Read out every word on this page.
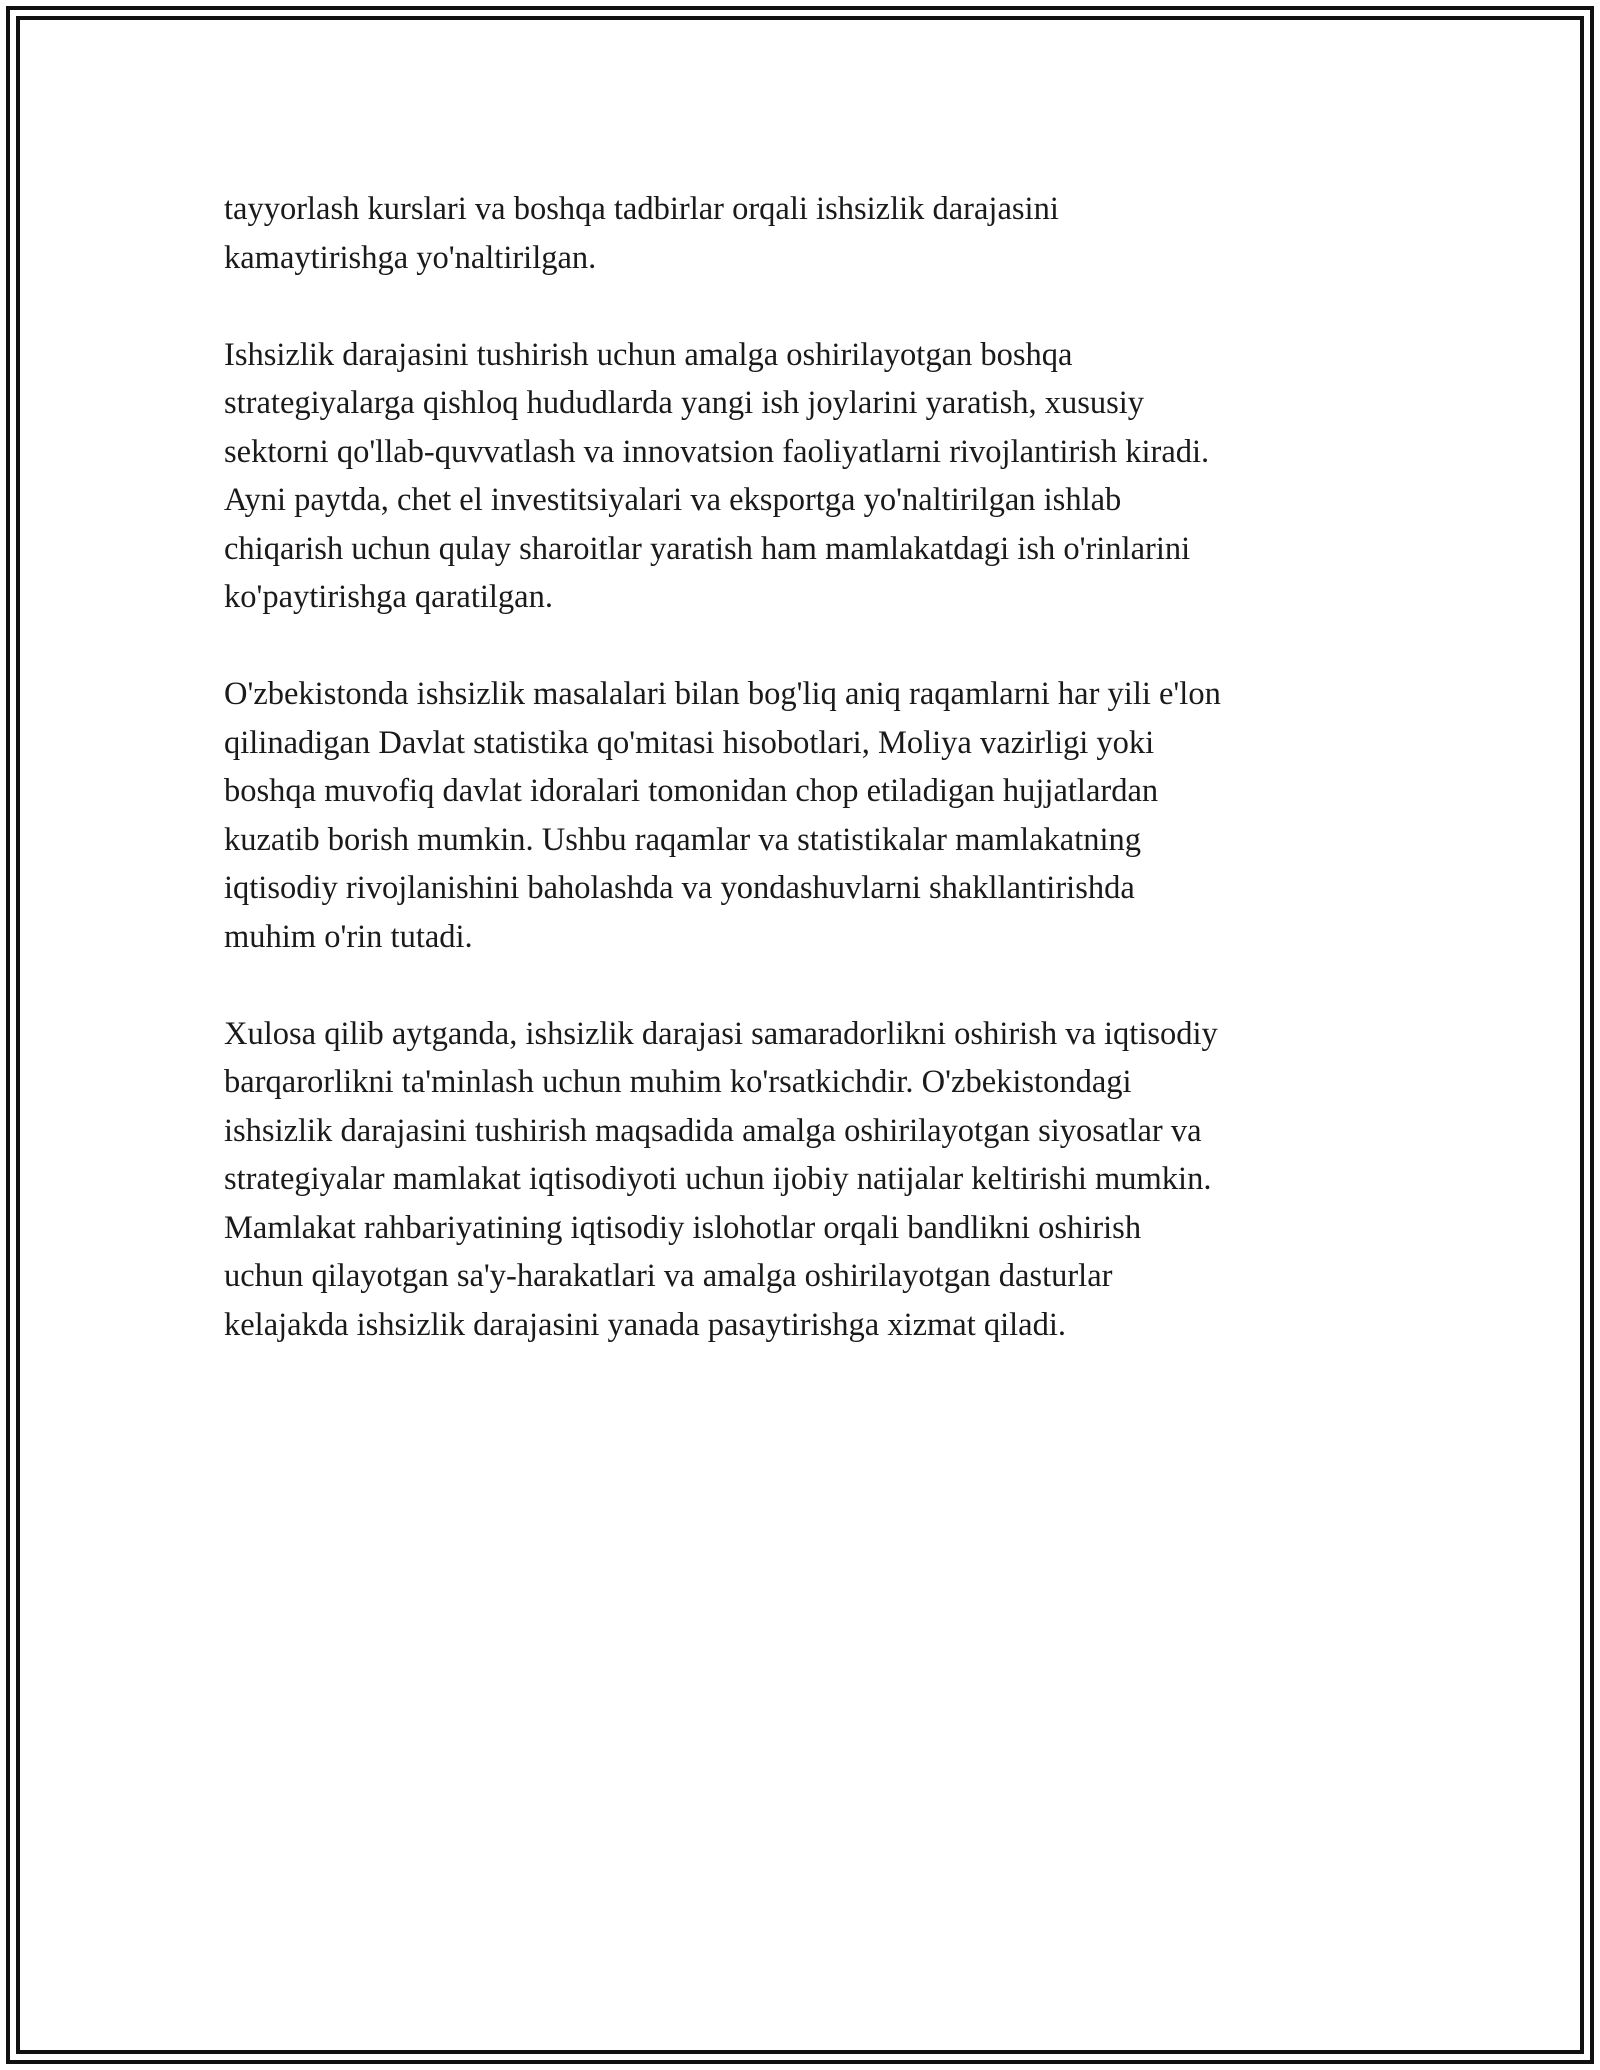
tayyorlash kurslari va boshqa tadbirlar orqali ishsizlik darajasini
kamaytirishga yo'naltirilgan.

Ishsizlik darajasini tushirish uchun amalga oshirilayotgan boshqa
strategiyalarga qishloq hududlarda yangi ish joylarini yaratish, xususiy
sektorni qo'llab-quvvatlash va innovatsion faoliyatlarni rivojlantirish kiradi.
Ayni paytda, chet el investitsiyalari va eksportga yo'naltirilgan ishlab
chiqarish uchun qulay sharoitlar yaratish ham mamlakatdagi ish o'rinlarini
ko'paytirishga qaratilgan.

O'zbekistonda ishsizlik masalalari bilan bog'liq aniq raqamlarni har yili e'lon
qilinadigan Davlat statistika qo'mitasi hisobotlari, Moliya vazirligi yoki
boshqa muvofiq davlat idoralari tomonidan chop etiladigan hujjatlardan
kuzatib borish mumkin. Ushbu raqamlar va statistikalar mamlakatning
iqtisodiy rivojlanishini baholashda va yondashuvlarni shakllantirishda
muhim o'rin tutadi.

Xulosa qilib aytganda, ishsizlik darajasi samaradorlikni oshirish va iqtisodiy
barqarorlikni ta'minlash uchun muhim ko'rsatkichdir. O'zbekistondagi
ishsizlik darajasini tushirish maqsadida amalga oshirilayotgan siyosatlar va
strategiyalar mamlakat iqtisodiyoti uchun ijobiy natijalar keltirishi mumkin.
Mamlakat rahbariyatining iqtisodiy islohotlar orqali bandlikni oshirish
uchun qilayotgan sa'y-harakatlari va amalga oshirilayotgan dasturlar
kelajakda ishsizlik darajasini yanada pasaytirishga xizmat qiladi.
